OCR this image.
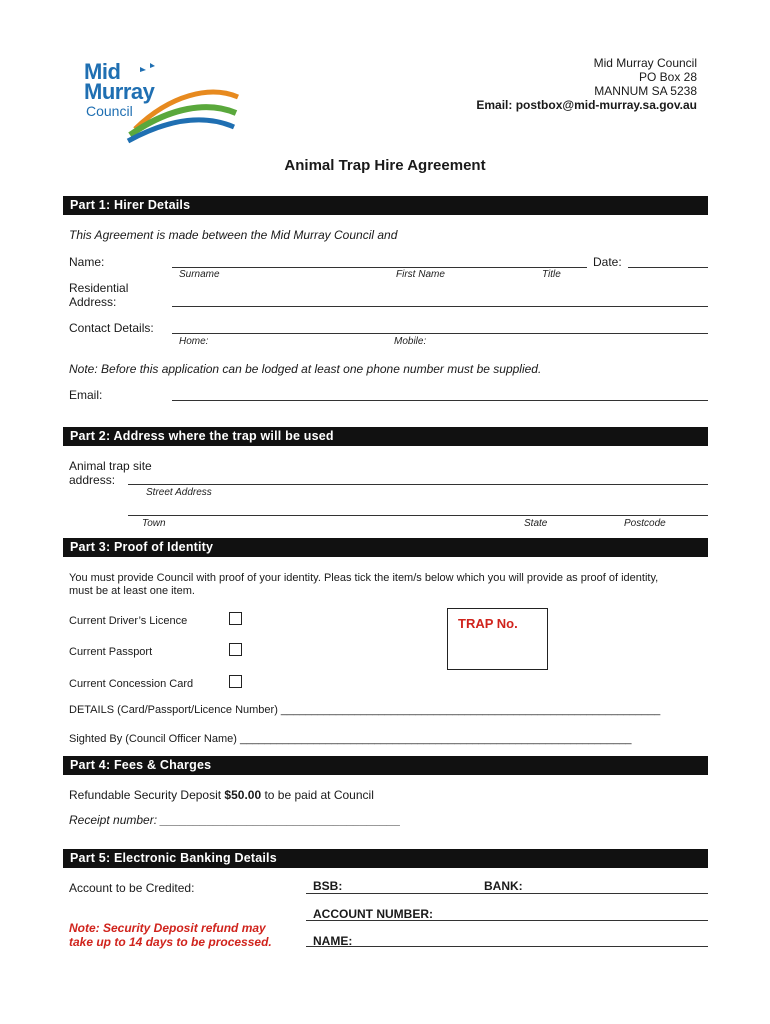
Mid
Murray
Council
Mid Murray Council
PO Box 28
MANNUM SA 5238
Email: postbox@mid-murray.sa.gov.au
Animal Trap Hire Agreement
Part 1: Hirer Details
This Agreement is made between the Mid Murray Council and
Name:	Date:
Surname	First Name	Title
Residential
Address:
Contact Details:
Home:	Mobile:
Note: Before this application can be lodged at least one phone number must be supplied.
Email:
Part 2: Address where the trap will be used
Animal trap site
address:
Street Address
Town	State	Postcode
Part 3: Proof of Identity
You must provide Council with proof of your identity. Pleas tick the item/s below which you will provide as proof of identity,
must be at least one item.
Current Driver’s Licence
Current Passport
Current Concession Card
TRAP No.
DETAILS (Card/Passport/Licence Number) ______________________________________________________________
Sighted By (Council Officer Name) ________________________________________________________________
Part 4: Fees & Charges
Refundable Security Deposit $50.00 to be paid at Council
Receipt number: ____________________________________
Part 5: Electronic Banking Details
Account to be Credited:	BSB:	BANK:
ACCOUNT NUMBER:
NAME:
Note: Security Deposit refund may
take up to 14 days to be processed.
